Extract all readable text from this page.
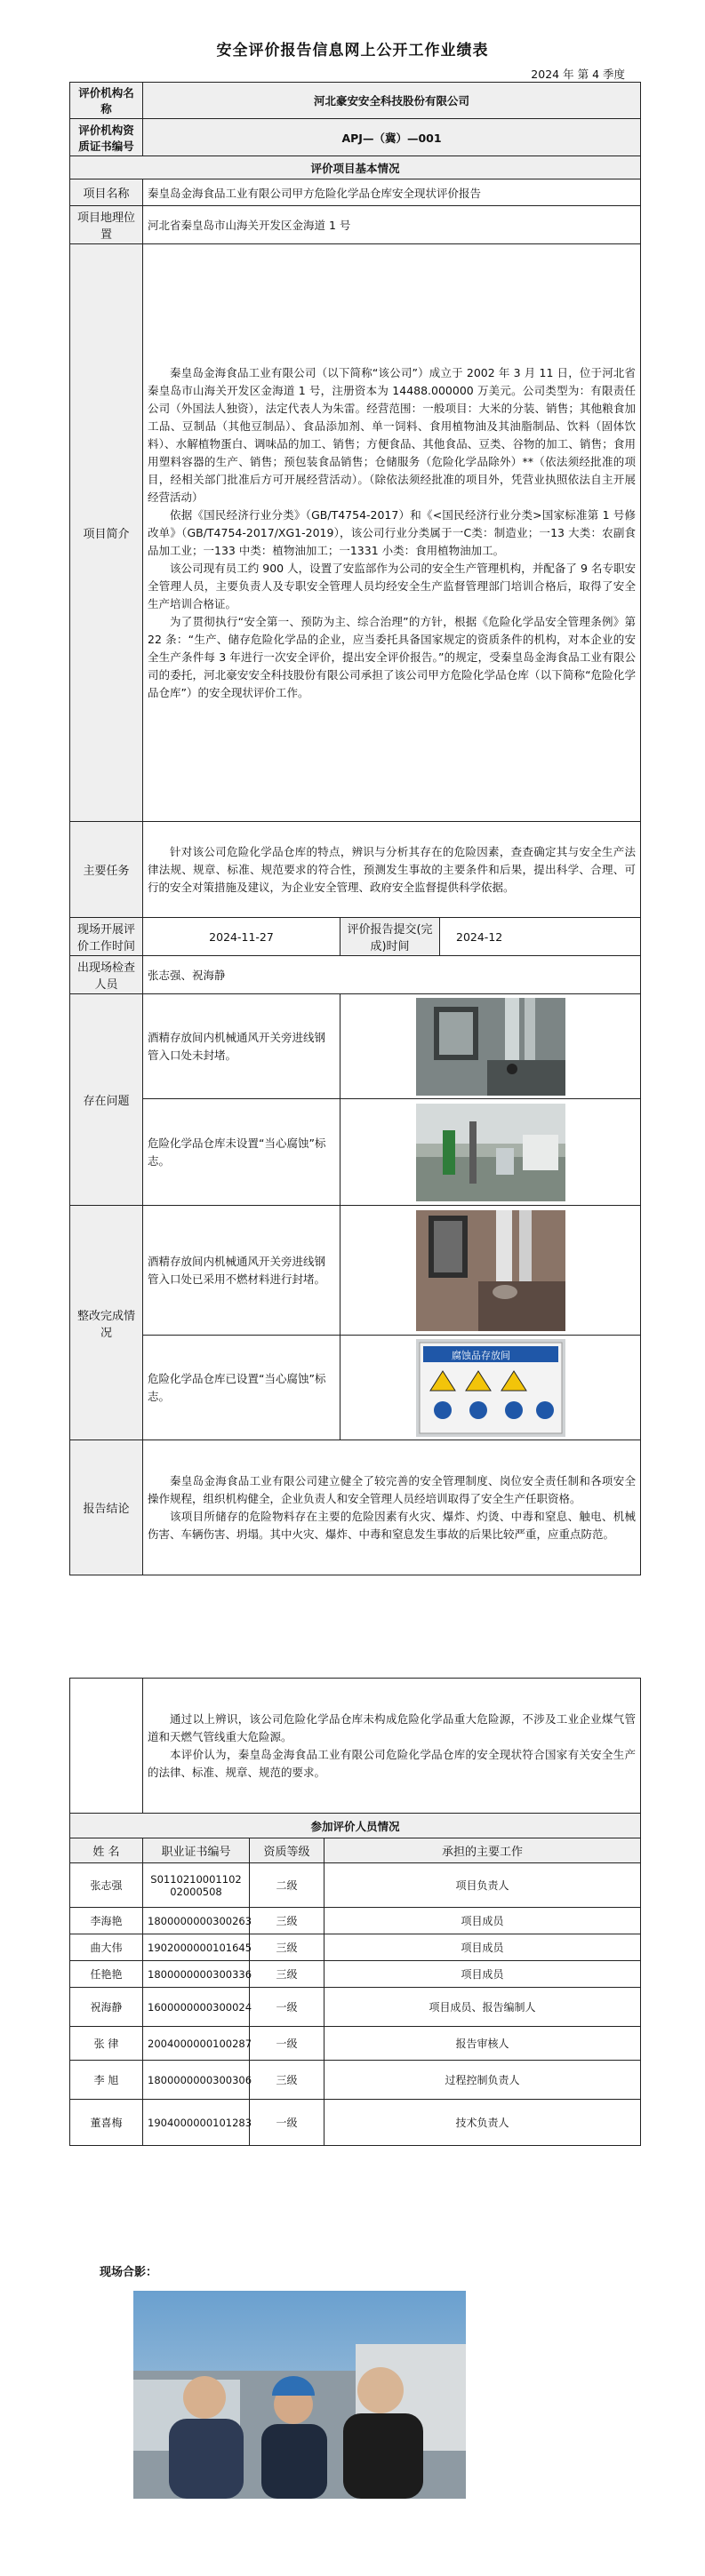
安全评价报告信息网上公开工作业绩表
2024 年 第 4 季度
评价机构名称	河北豪安安全科技股份有限公司		
评价机构资质证书编号	APJ—（冀）—001		
评价项目基本情况			
项目名称	秦皇岛金海食品工业有限公司甲方危险化学品仓库安全现状评价报告		
项目地理位置	河北省秦皇岛市山海关开发区金海道 1 号		
项目简介	秦皇岛金海食品工业有限公司（以下简称“该公司”）成立于 2002 年 3 月 11 日，位于河北省秦皇岛市山海关开发区金海道 1 号，注册资本为 14488.000000 万美元。公司类型为：有限责任公司（外国法人独资），法定代表人为朱雷。经营范围：一般项目：大米的分装、销售；其他粮食加工品、豆制品（其他豆制品）、食品添加剂、单一饲料、食用植物油及其油脂制品、饮料（固体饮料）、水解植物蛋白、调味品的加工、销售；方便食品、其他食品、豆类、谷物的加工、销售；食用用塑料容器的生产、销售；预包装食品销售；仓储服务（危险化学品除外）**（依法须经批准的项目，经相关部门批准后方可开展经营活动）。（除依法须经批准的项目外，凭营业执照依法自主开展经营活动）

依据《国民经济行业分类》（GB/T4754-2017）和《<国民经济行业分类>国家标准第 1 号修改单》（GB/T4754-2017/XG1-2019），该公司行业分类属于一C类：制造业；一13 大类：农副食品加工业；一133 中类：植物油加工；一1331 小类：食用植物油加工。

该公司现有员工约 900 人，设置了安监部作为公司的安全生产管理机构，并配备了 9 名专职安全管理人员，主要负责人及专职安全管理人员均经安全生产监督管理部门培训合格后，取得了安全生产培训合格证。

为了贯彻执行“安全第一、预防为主、综合治理”的方针，根据《危险化学品安全管理条例》第 22 条：“生产、储存危险化学品的企业，应当委托具备国家规定的资质条件的机构，对本企业的安全生产条件每 3 年进行一次安全评价，提出安全评价报告。”的规定，受秦皇岛金海食品工业有限公司的委托，河北豪安安全科技股份有限公司承担了该公司甲方危险化学品仓库（以下简称“危险化学品仓库”）的安全现状评价工作。		

主要任务	针对该公司危险化学品仓库的特点，辨识与分析其存在的危险因素，查查确定其与安全生产法律法规、规章、标准、规范要求的符合性，预测发生事故的主要条件和后果，提出科学、合理、可行的安全对策措施及建议，为企业安全管理、政府安全监督提供科学依据。		

现场开展评价工作时间	2024-11-27	评价报告提交(完成)时间	2024-12
出现场检查人员	张志强、祝海静		
存在问题	酒精存放间内机械通风开关旁进线钢管入口处未封堵。	

	危险化学品仓库未设置“当心腐蚀”标志。	

整改完成情况	酒精存放间内机械通风开关旁进线钢管入口处已采用不燃材料进行封堵。	

	危险化学品仓库已设置“当心腐蚀”标志。	腐蚀品存放间	

报告结论	秦皇岛金海食品工业有限公司建立健全了较完善的安全管理制度、岗位安全责任制和各项安全操作规程，组织机构健全，企业负责人和安全管理人员经培训取得了安全生产任职资格。

该项目所储存的危险物料存在主要的危险因素有火灾、爆炸、灼烫、中毒和窒息、触电、机械伤害、车辆伤害、坍塌。其中火灾、爆炸、中毒和窒息发生事故的后果比较严重，应重点防范。		

	通过以上辨识，该公司危险化学品仓库未构成危险化学品重大危险源，不涉及工业企业煤气管道和天燃气管线重大危险源。

本评价认为，秦皇岛金海食品工业有限公司危险化学品仓库的安全现状符合国家有关安全生产的法律、标准、规章、规范的要求。		

参加评价人员情况			
姓 名	职业证书编号	资质等级	承担的主要工作
张志强	S011021000110202000508	二级	项目负责人
李海艳	1800000000300263	三级	项目成员
曲大伟	1902000000101645	三级	项目成员
任艳艳	1800000000300336	三级	项目成员
祝海静	1600000000300024	一级	项目成员、报告编制人
张 律	2004000000100287	一级	报告审核人
李 旭	1800000000300306	三级	过程控制负责人
董喜梅	1904000000101283	一级	技术负责人
现场合影：
